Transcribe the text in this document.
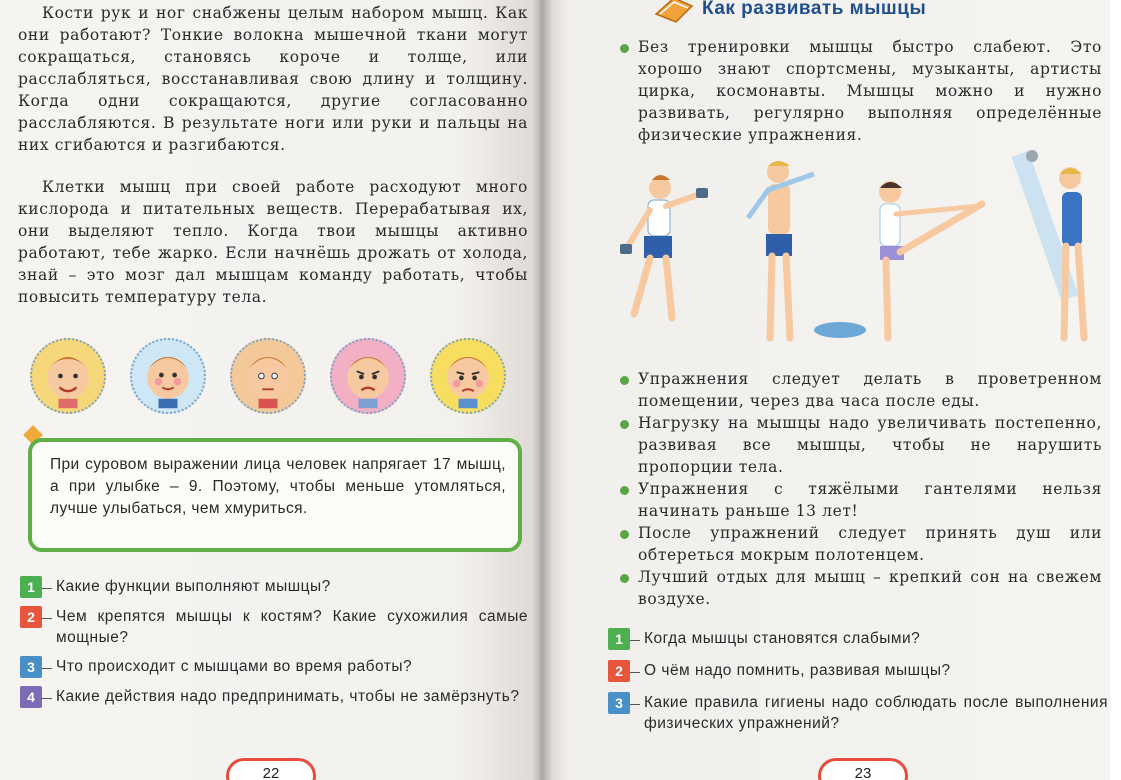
Кости рук и ног снабжены целым набором мышц. Как они работают? Тонкие волокна мышечной ткани могут сокращаться, становясь короче и толще, или расслабляться, восстанавливая свою длину и толщину. Когда одни сокращаются, другие согласованно расслабляются. В результате ноги или руки и пальцы на них сгибаются и разгибаются.

Клетки мышц при своей работе расходуют много кислорода и питательных веществ. Перерабатывая их, они выделяют тепло. Когда твои мышцы активно работают, тебе жарко. Если начнёшь дрожать от холода, знай – это мозг дал мышцам команду работать, чтобы повысить температуру тела.

При суровом выражении лица человек напрягает 17 мышц, а при улыбке – 9. Поэтому, чтобы меньше утомляться, лучше улыбаться, чем хмуриться.

1	Какие функции выполняют мышцы?
2	Чем крепятся мышцы к костям? Какие сухожилия самые мощные?
3	Что происходит с мышцами во время работы?
4	Какие действия надо предпринимать, чтобы не замёрзнуть?
22
Как развивать мышцы

Без тренировки мышцы быстро слабеют. Это хорошо знают спортсмены, музыканты, артисты цирка, космонавты. Мышцы можно и нужно развивать, регулярно выполняя определённые физические упражнения.

Упражнения следует делать в проветренном помещении, через два часа после еды.

Нагрузку на мышцы надо увеличивать постепенно, развивая все мышцы, чтобы не нарушить пропорции тела.

Упражнения с тяжёлыми гантелями нельзя начинать раньше 13 лет!

После упражнений следует принять душ или обтереться мокрым полотенцем.

Лучший отдых для мышц – крепкий сон на свежем воздухе.

1	Когда мышцы становятся слабыми?
2	О чём надо помнить, развивая мышцы?
3	Какие правила гигиены надо соблюдать после выполнения физических упражнений?
23
